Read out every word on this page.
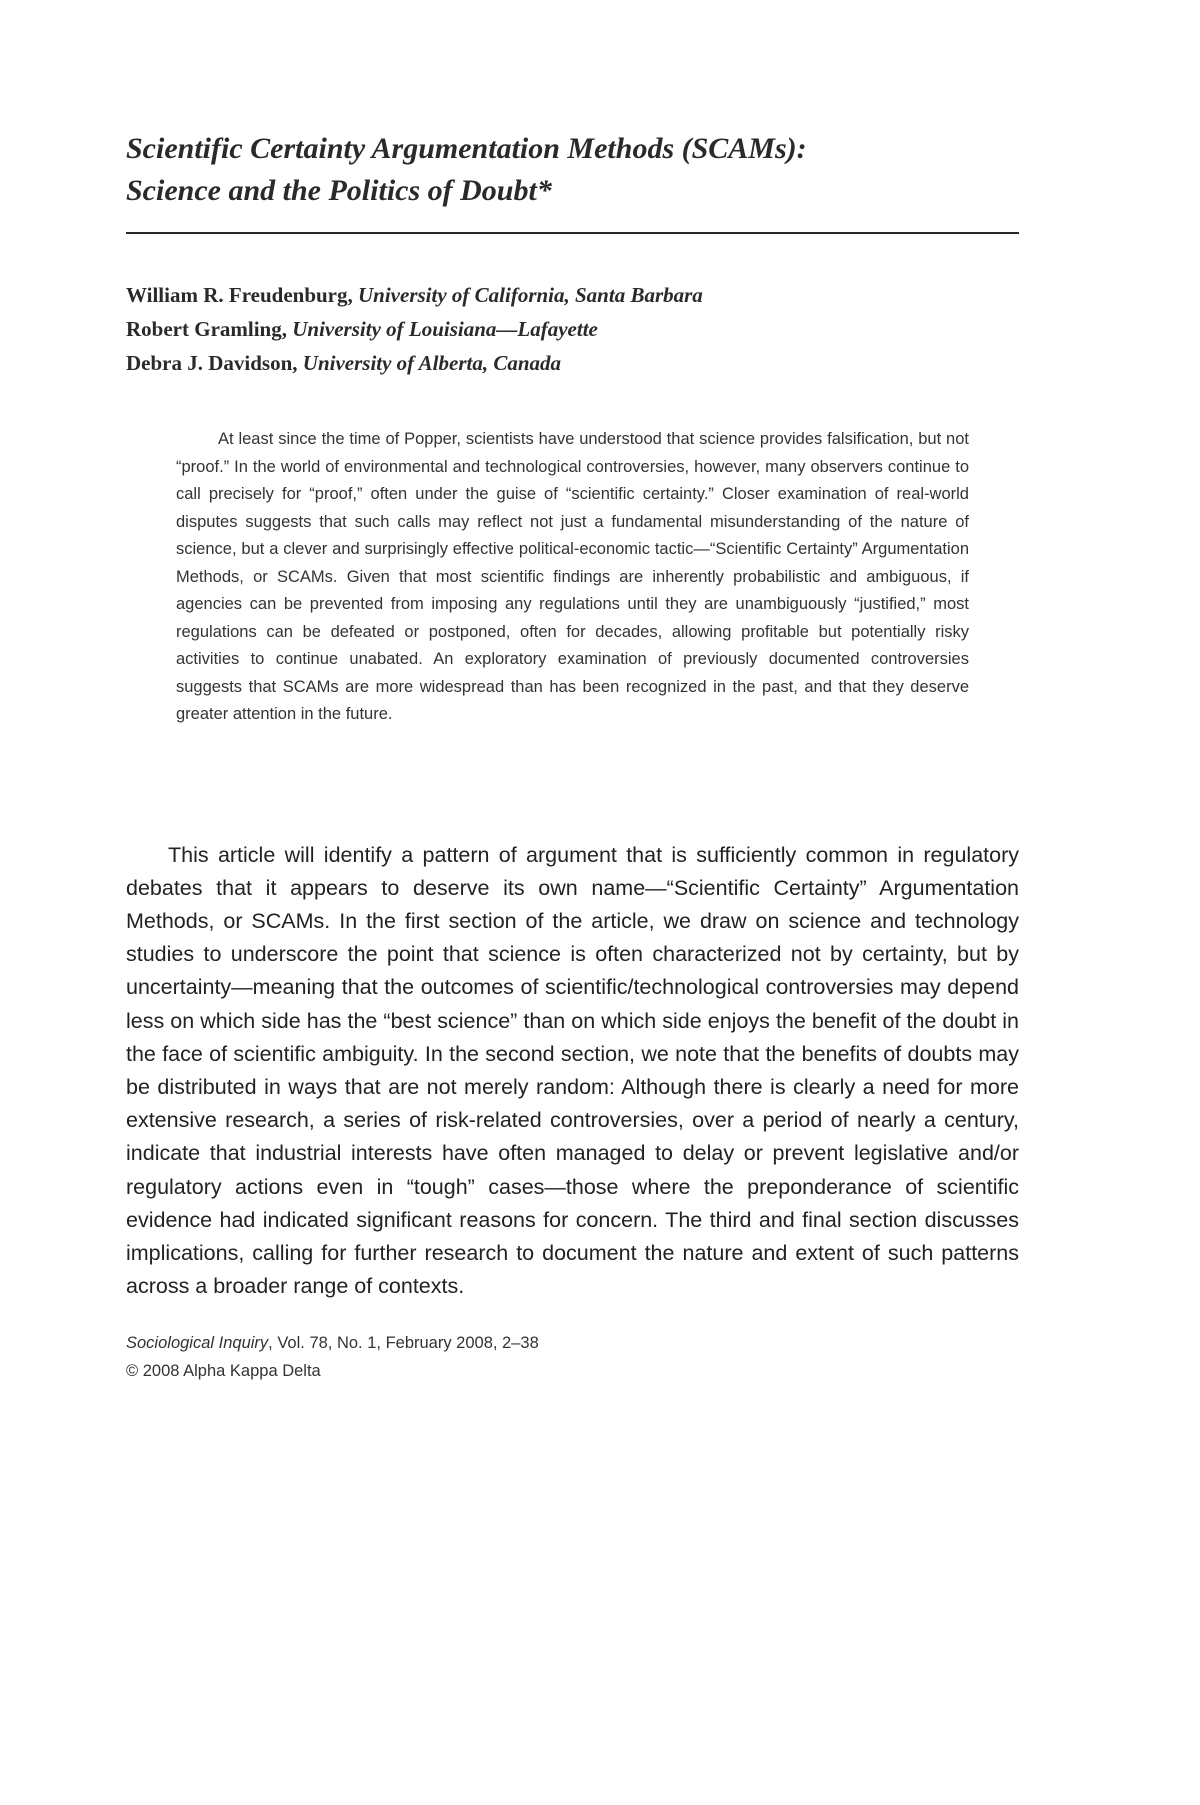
Scientific Certainty Argumentation Methods (SCAMs):
Science and the Politics of Doubt*
William R. Freudenburg, University of California, Santa Barbara
Robert Gramling, University of Louisiana—Lafayette
Debra J. Davidson, University of Alberta, Canada

At least since the time of Popper, scientists have understood that science provides falsification, but not “proof.” In the world of environmental and technological controversies, however, many observers continue to call precisely for “proof,” often under the guise of “scientific certainty.” Closer examination of real-world disputes suggests that such calls may reflect not just a fundamental misunderstanding of the nature of science, but a clever and surprisingly effective political-economic tactic—“Scientific Certainty” Argumentation Methods, or SCAMs. Given that most scientific findings are inherently probabilistic and ambiguous, if agencies can be prevented from imposing any regulations until they are unambiguously “justified,” most regulations can be defeated or postponed, often for decades, allowing profitable but potentially risky activities to continue unabated. An exploratory examination of previously documented controversies suggests that SCAMs are more widespread than has been recognized in the past, and that they deserve greater attention in the future.

This article will identify a pattern of argument that is sufficiently common in regulatory debates that it appears to deserve its own name—“Scientific Certainty” Argumentation Methods, or SCAMs. In the first section of the article, we draw on science and technology studies to underscore the point that science is often characterized not by certainty, but by uncertainty—meaning that the outcomes of scientific/technological controversies may depend less on which side has the “best science” than on which side enjoys the benefit of the doubt in the face of scientific ambiguity. In the second section, we note that the benefits of doubts may be distributed in ways that are not merely random: Although there is clearly a need for more extensive research, a series of risk-related controversies, over a period of nearly a century, indicate that industrial interests have often managed to delay or prevent legislative and/or regulatory actions even in “tough” cases—those where the preponderance of scientific evidence had indicated significant reasons for concern. The third and final section discusses implications, calling for further research to document the nature and extent of such patterns across a broader range of contexts.

Sociological Inquiry, Vol. 78, No. 1, February 2008, 2–38
© 2008 Alpha Kappa Delta
